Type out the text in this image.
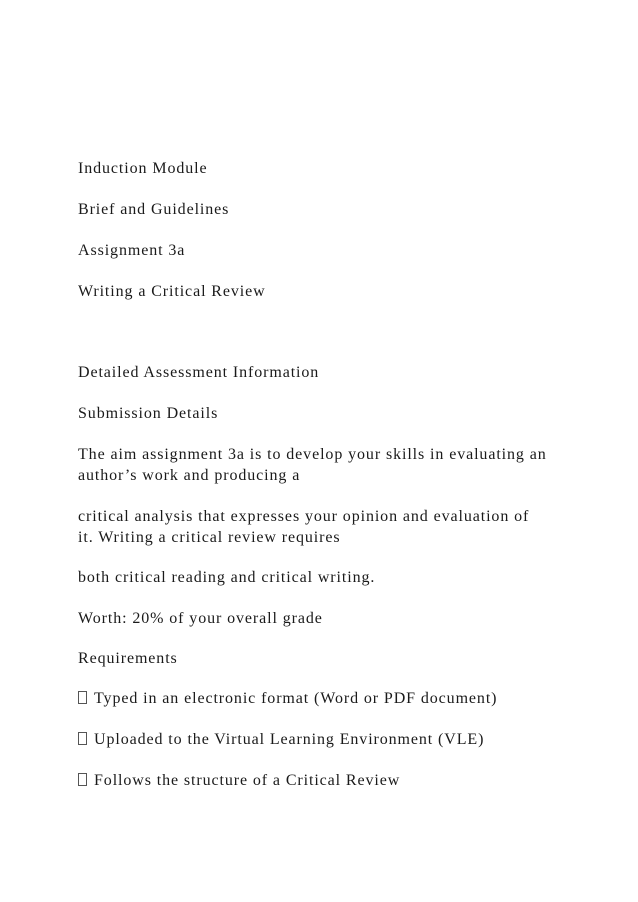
Induction Module

Brief and Guidelines

Assignment 3a

Writing a Critical Review

Detailed Assessment Information

Submission Details

The aim assignment 3a is to develop your skills in evaluating an

author’s work and producing a

critical analysis that expresses your opinion and evaluation of

it. Writing a critical review requires

both critical reading and critical writing.

Worth: 20% of your overall grade

Requirements

Typed in an electronic format (Word or PDF document)

Uploaded to the Virtual Learning Environment (VLE)

Follows the structure of a Critical Review
